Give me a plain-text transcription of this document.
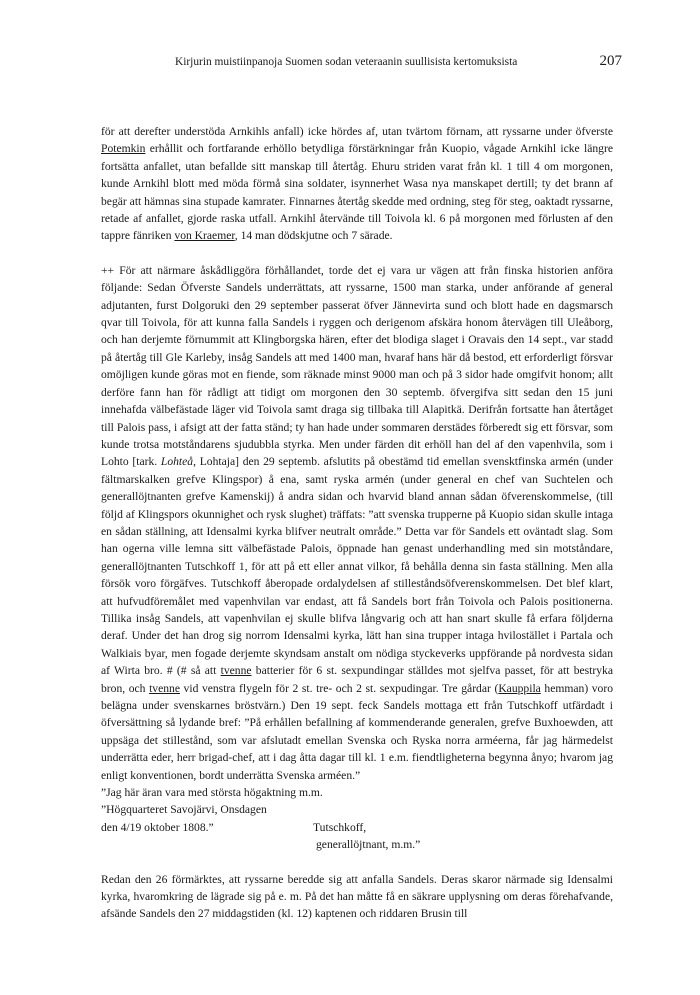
Kirjurin muistiinpanoja Suomen sodan veteraanin suullisista kertomuksista	207

för att derefter understöda Arnkihls anfall) icke hördes af, utan tvärtom förnam, att ryssarne under öfverste Potemkin erhållit och fortfarande erhöllo betydliga förstärkningar från Kuopio, vågade Arnkihl icke längre fortsätta anfallet, utan befallde sitt manskap till återtåg. Ehuru striden varat från kl. 1 till 4 om morgonen, kunde Arnkihl blott med möda förmå sina soldater, isynnerhet Wasa nya manskapet dertill; ty det brann af begär att hämnas sina stupade kamrater. Finnarnes återtåg skedde med ordning, steg för steg, oaktadt ryssarne, retade af anfallet, gjorde raska utfall. Arnkihl återvände till Toivola kl. 6 på morgonen med förlusten af den tappre fänriken von Kraemer, 14 man dödskjutne och 7 särade.

++ För att närmare åskådliggöra förhållandet, torde det ej vara ur vägen att från finska historien anföra följande: Sedan Öfverste Sandels underrättats, att ryssarne, 1500 man starka, under anförande af general adjutanten, furst Dolgoruki den 29 september passerat öfver Jännevirta sund och blott hade en dagsmarsch qvar till Toivola, för att kunna falla Sandels i ryggen och derigenom afskära honom återvägen till Uleåborg, och han derjemte förnummit att Klingborgska hären, efter det blodiga slaget i Oravais den 14 sept., var stadd på återtåg till Gle Karleby, insåg Sandels att med 1400 man, hvaraf hans här då bestod, ett erforderligt försvar omöjligen kunde göras mot en fiende, som räknade minst 9000 man och på 3 sidor hade omgifvit honom; allt derföre fann han för rådligt att tidigt om morgonen den 30 septemb. öfvergifva sitt sedan den 15 juni innehafda välbefästade läger vid Toivola samt draga sig tillbaka till Alapitkä. Derifrån fortsatte han återtåget till Palois pass, i afsigt att der fatta ständ; ty han hade under sommaren derstädes förberedt sig ett försvar, som kunde trotsa motståndarens sjudubbla styrka. Men under färden dit erhöll han del af den vapenhvila, som i Lohto [tark. Lohteå, Lohtaja] den 29 septemb. afslutits på obestämd tid emellan svensktfinska armén (under fältmarskalken grefve Klingspor) å ena, samt ryska armén (under general en chef van Suchtelen och generallöjtnanten grefve Kamenskij) å andra sidan och hvarvid bland annan sådan öfverenskommelse, (till följd af Klingspors okunnighet och rysk slughet) träffats: ”att svenska trupperne på Kuopio sidan skulle intaga en sådan ställning, att Idensalmi kyrka blifver neutralt område.” Detta var för Sandels ett oväntadt slag. Som han ogerna ville lemna sitt välbefästade Palois, öppnade han genast underhandling med sin motståndare, generallöjtnanten Tutschkoff 1, för att på ett eller annat vilkor, få behålla denna sin fasta ställning. Men alla försök voro förgäfves. Tutschkoff åberopade ordalydelsen af stilleståndsöfverenskommelsen. Det blef klart, att hufvudföremålet med vapenhvilan var endast, att få Sandels bort från Toivola och Palois positionerna. Tillika insåg Sandels, att vapenhvilan ej skulle blifva långvarig och att han snart skulle få erfara följderna deraf. Under det han drog sig norrom Idensalmi kyrka, lätt han sina trupper intaga hvilostället i Partala och Walkiais byar, men fogade derjemte skyndsam anstalt om nödiga styckeverks uppförande på nordvesta sidan af Wirta bro. # (# så att tvenne batterier för 6 st. sexpundingar ställdes mot sjelfva passet, för att bestryka bron, och tvenne vid venstra flygeln för 2 st. tre- och 2 st. sexpudingar. Tre gårdar (Kauppila hemman) voro belägna under svenskarnes bröstvärn.) Den 19 sept. feck Sandels mottaga ett från Tutschkoff utfärdadt i öfversättning så lydande bref: ”På erhållen befallning af kommenderande generalen, grefve Buxhoewden, att uppsäga det stillestånd, som var afslutadt emellan Svenska och Ryska norra arméerna, får jag härmedelst underrätta eder, herr brigad-chef, att i dag åtta dagar till kl. 1 e.m. fiendtligheterna begynna ånyo; hvarom jag enligt konventionen, bordt underrätta Svenska arméen.”

”Jag här äran vara med största högaktning m.m.
”Högquarteret Savojärvi, Onsdagen
den 4/19 oktober 1808.”	Tutschkoff,
generallöjtnant, m.m.”

Redan den 26 förmärktes, att ryssarne beredde sig att anfalla Sandels. Deras skaror närmade sig Idensalmi kyrka, hvaromkring de lägrade sig på e. m. På det han måtte få en säkrare upplysning om deras förehafvande, afsände Sandels den 27 middagstiden (kl. 12) kaptenen och riddaren Brusin till
